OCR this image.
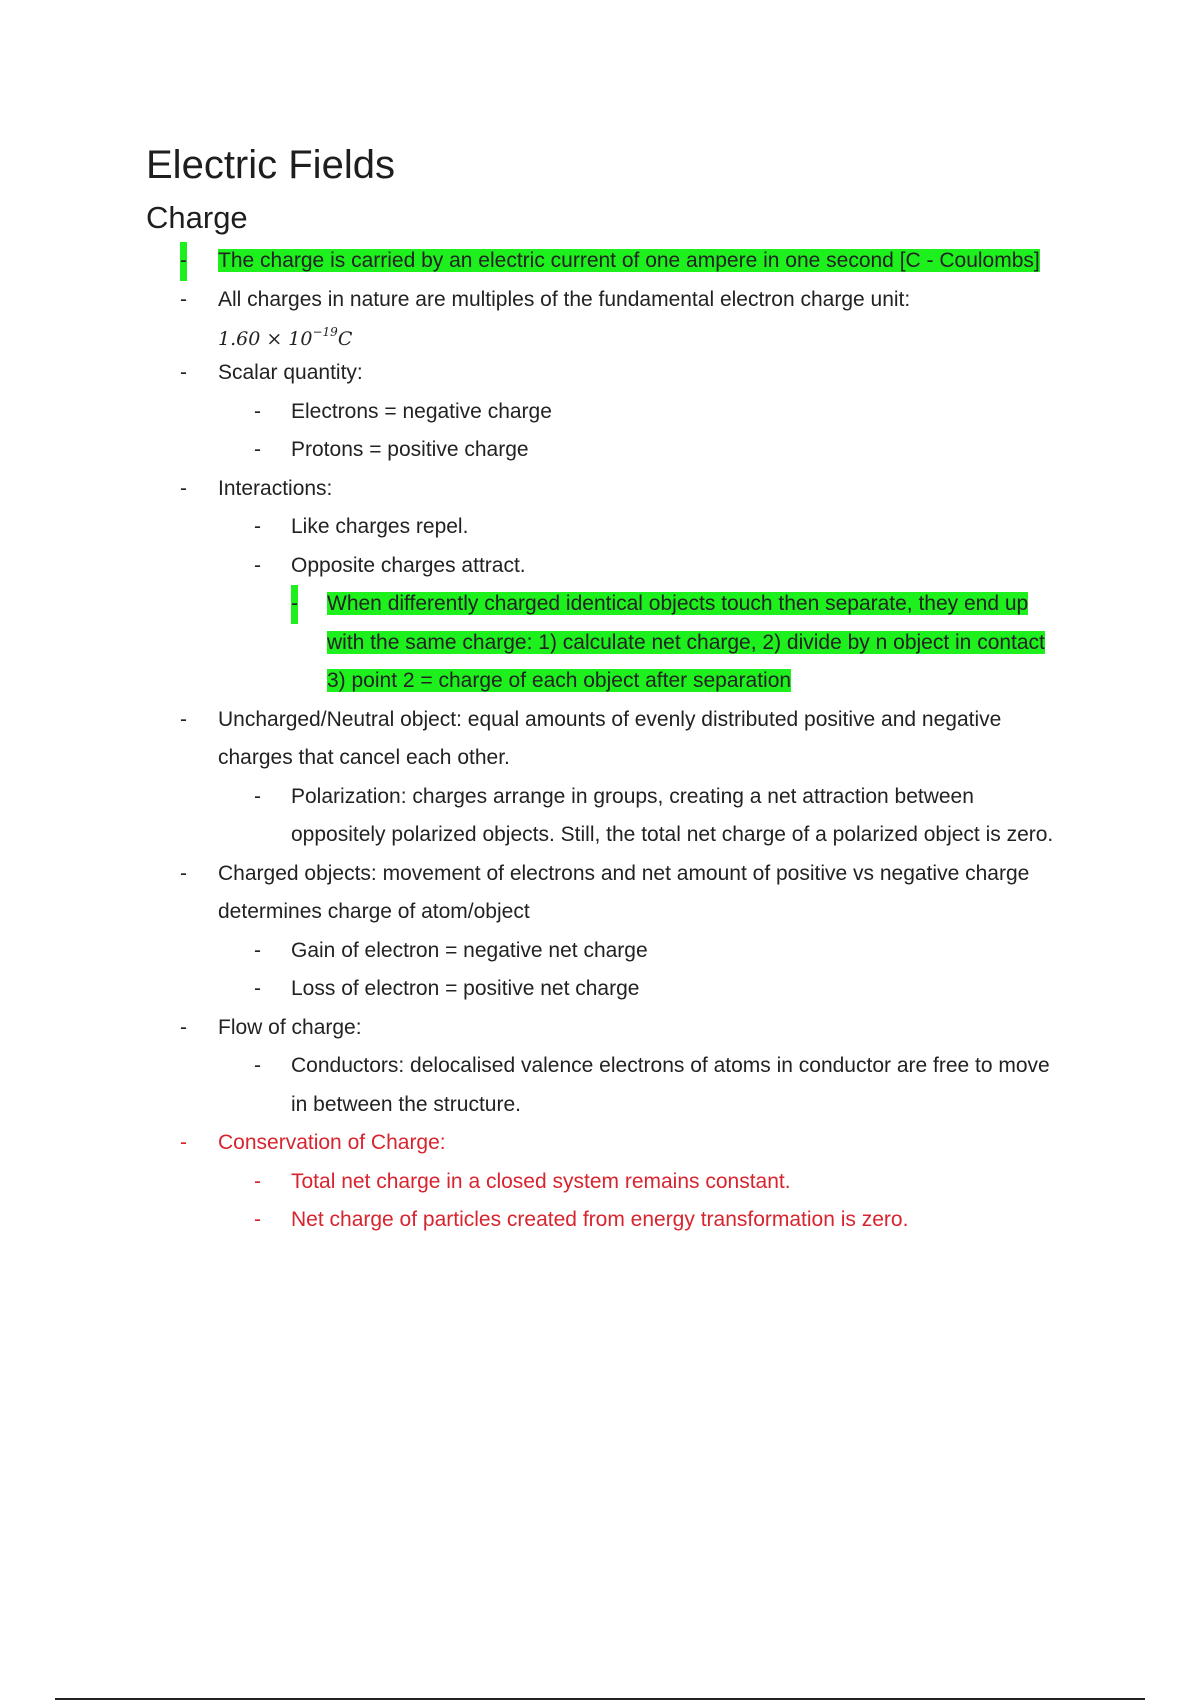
Electric Fields
Charge
- The charge is carried by an electric current of one ampere in one second [C - Coulombs]
- All charges in nature are multiples of the fundamental electron charge unit:
$1.60 \times 10^{-19}C$
- Scalar quantity:
- Electrons = negative charge
- Protons = positive charge
- Interactions:
- Like charges repel.
- Opposite charges attract.
- When differently charged identical objects touch then separate, they end up with the same charge: 1) calculate net charge, 2) divide by n object in contact 3) point 2 = charge of each object after separation
- Uncharged/Neutral object: equal amounts of evenly distributed positive and negative charges that cancel each other.
- Polarization: charges arrange in groups, creating a net attraction between oppositely polarized objects. Still, the total net charge of a polarized object is zero.
- Charged objects: movement of electrons and net amount of positive vs negative charge determines charge of atom/object
- Gain of electron = negative net charge
- Loss of electron = positive net charge
- Flow of charge:
- Conductors: delocalised valence electrons of atoms in conductor are free to move in between the structure.
- Conservation of Charge:
- Total net charge in a closed system remains constant.
- Net charge of particles created from energy transformation is zero.
